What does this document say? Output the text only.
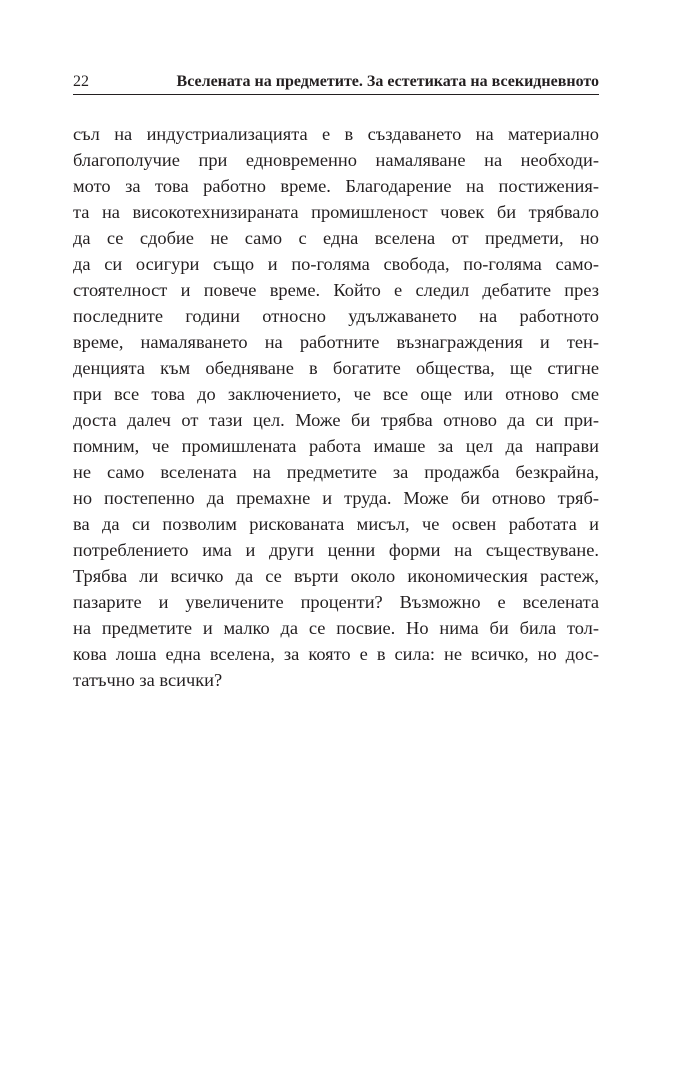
22	Вселената на предметите. За естетиката на всекидневното
съл на индустриализацията е в създаването на материално
благополучие при едновременно намаляване на необходи-
мото за това работно време. Благодарение на постижения-
та на високотехнизираната промишленост човек би трябвало
да се сдобие не само с една вселена от предмети, но
да си осигури също и по-голяма свобода, по-голяма само-
стоятелност и повече време. Който е следил дебатите през
последните години относно удължаването на работното
време, намаляването на работните възнаграждения и тен-
денцията към обедняване в богатите общества, ще стигне
при все това до заключението, че все още или отново сме
доста далеч от тази цел. Може би трябва отново да си при-
помним, че промишлената работа имаше за цел да направи
не само вселената на предметите за продажба безкрайна,
но постепенно да премахне и труда. Може би отново тряб-
ва да си позволим рискованата мисъл, че освен работата и
потреблението има и други ценни форми на съществуване.
Трябва ли всичко да се върти около икономическия растеж,
пазарите и увеличените проценти? Възможно е вселената
на предметите и малко да се посвие. Но нима би била тол-
кова лоша една вселена, за която е в сила: не всичко, но дос-
татъчно за всички?
